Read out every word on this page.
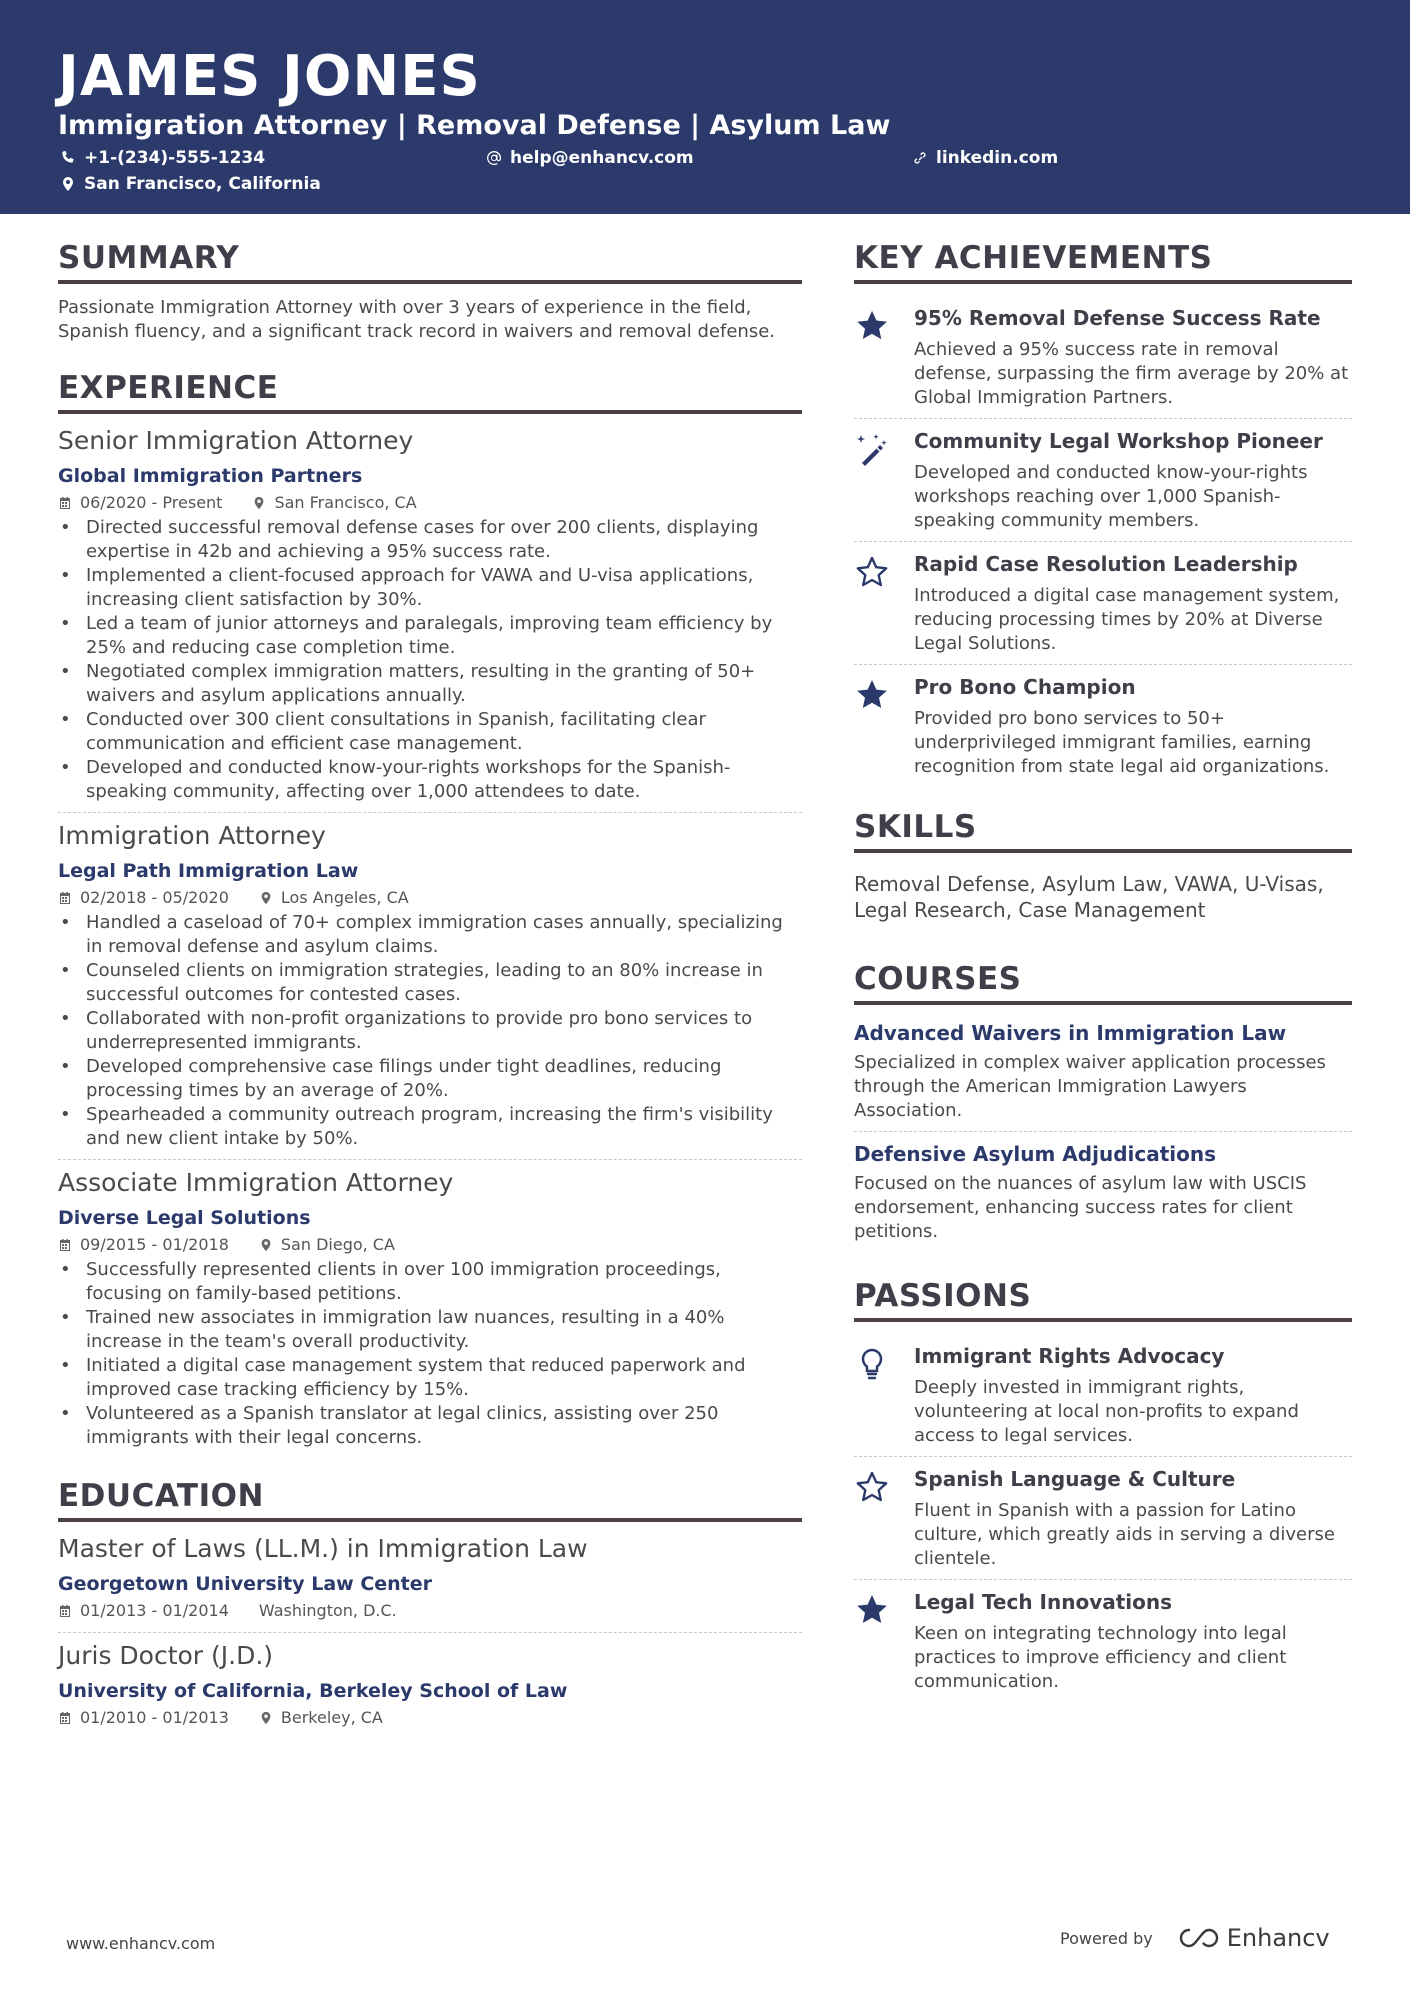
JAMES JONES
Immigration Attorney | Removal Defense | Asylum Law
+1-(234)-555-1234	help@enhancv.com	linkedin.com
San Francisco, California
SUMMARY
Passionate Immigration Attorney with over 3 years of experience in the field, Spanish fluency, and a significant track record in waivers and removal defense.
EXPERIENCE
Senior Immigration Attorney
Global Immigration Partners
06/2020 - Present	San Francisco, CA
• Directed successful removal defense cases for over 200 clients, displaying expertise in 42b and achieving a 95% success rate.
• Implemented a client-focused approach for VAWA and U-visa applications, increasing client satisfaction by 30%.
• Led a team of junior attorneys and paralegals, improving team efficiency by 25% and reducing case completion time.
• Negotiated complex immigration matters, resulting in the granting of 50+ waivers and asylum applications annually.
• Conducted over 300 client consultations in Spanish, facilitating clear communication and efficient case management.
• Developed and conducted know-your-rights workshops for the Spanish-speaking community, affecting over 1,000 attendees to date.
Immigration Attorney
Legal Path Immigration Law
02/2018 - 05/2020	Los Angeles, CA
• Handled a caseload of 70+ complex immigration cases annually, specializing in removal defense and asylum claims.
• Counseled clients on immigration strategies, leading to an 80% increase in successful outcomes for contested cases.
• Collaborated with non-profit organizations to provide pro bono services to underrepresented immigrants.
• Developed comprehensive case filings under tight deadlines, reducing processing times by an average of 20%.
• Spearheaded a community outreach program, increasing the firm's visibility and new client intake by 50%.
Associate Immigration Attorney
Diverse Legal Solutions
09/2015 - 01/2018	San Diego, CA
• Successfully represented clients in over 100 immigration proceedings, focusing on family-based petitions.
• Trained new associates in immigration law nuances, resulting in a 40% increase in the team's overall productivity.
• Initiated a digital case management system that reduced paperwork and improved case tracking efficiency by 15%.
• Volunteered as a Spanish translator at legal clinics, assisting over 250 immigrants with their legal concerns.
EDUCATION
Master of Laws (LL.M.) in Immigration Law
Georgetown University Law Center
01/2013 - 01/2014 Washington, D.C.
Juris Doctor (J.D.)
University of California, Berkeley School of Law
01/2010 - 01/2013	Berkeley, CA
KEY ACHIEVEMENTS
95% Removal Defense Success Rate
Achieved a 95% success rate in removal defense, surpassing the firm average by 20% at Global Immigration Partners.
Community Legal Workshop Pioneer
Developed and conducted know-your-rights workshops reaching over 1,000 Spanish-speaking community members.
Rapid Case Resolution Leadership
Introduced a digital case management system, reducing processing times by 20% at Diverse Legal Solutions.
Pro Bono Champion
Provided pro bono services to 50+ underprivileged immigrant families, earning recognition from state legal aid organizations.
SKILLS
Removal Defense, Asylum Law, VAWA, U-Visas, Legal Research, Case Management
COURSES
Advanced Waivers in Immigration Law
Specialized in complex waiver application processes through the American Immigration Lawyers Association.
Defensive Asylum Adjudications
Focused on the nuances of asylum law with USCIS endorsement, enhancing success rates for client petitions.
PASSIONS
Immigrant Rights Advocacy
Deeply invested in immigrant rights, volunteering at local non-profits to expand access to legal services.
Spanish Language & Culture
Fluent in Spanish with a passion for Latino culture, which greatly aids in serving a diverse clientele.
Legal Tech Innovations
Keen on integrating technology into legal practices to improve efficiency and client communication.
www.enhancv.com	Powered by	Enhancv
